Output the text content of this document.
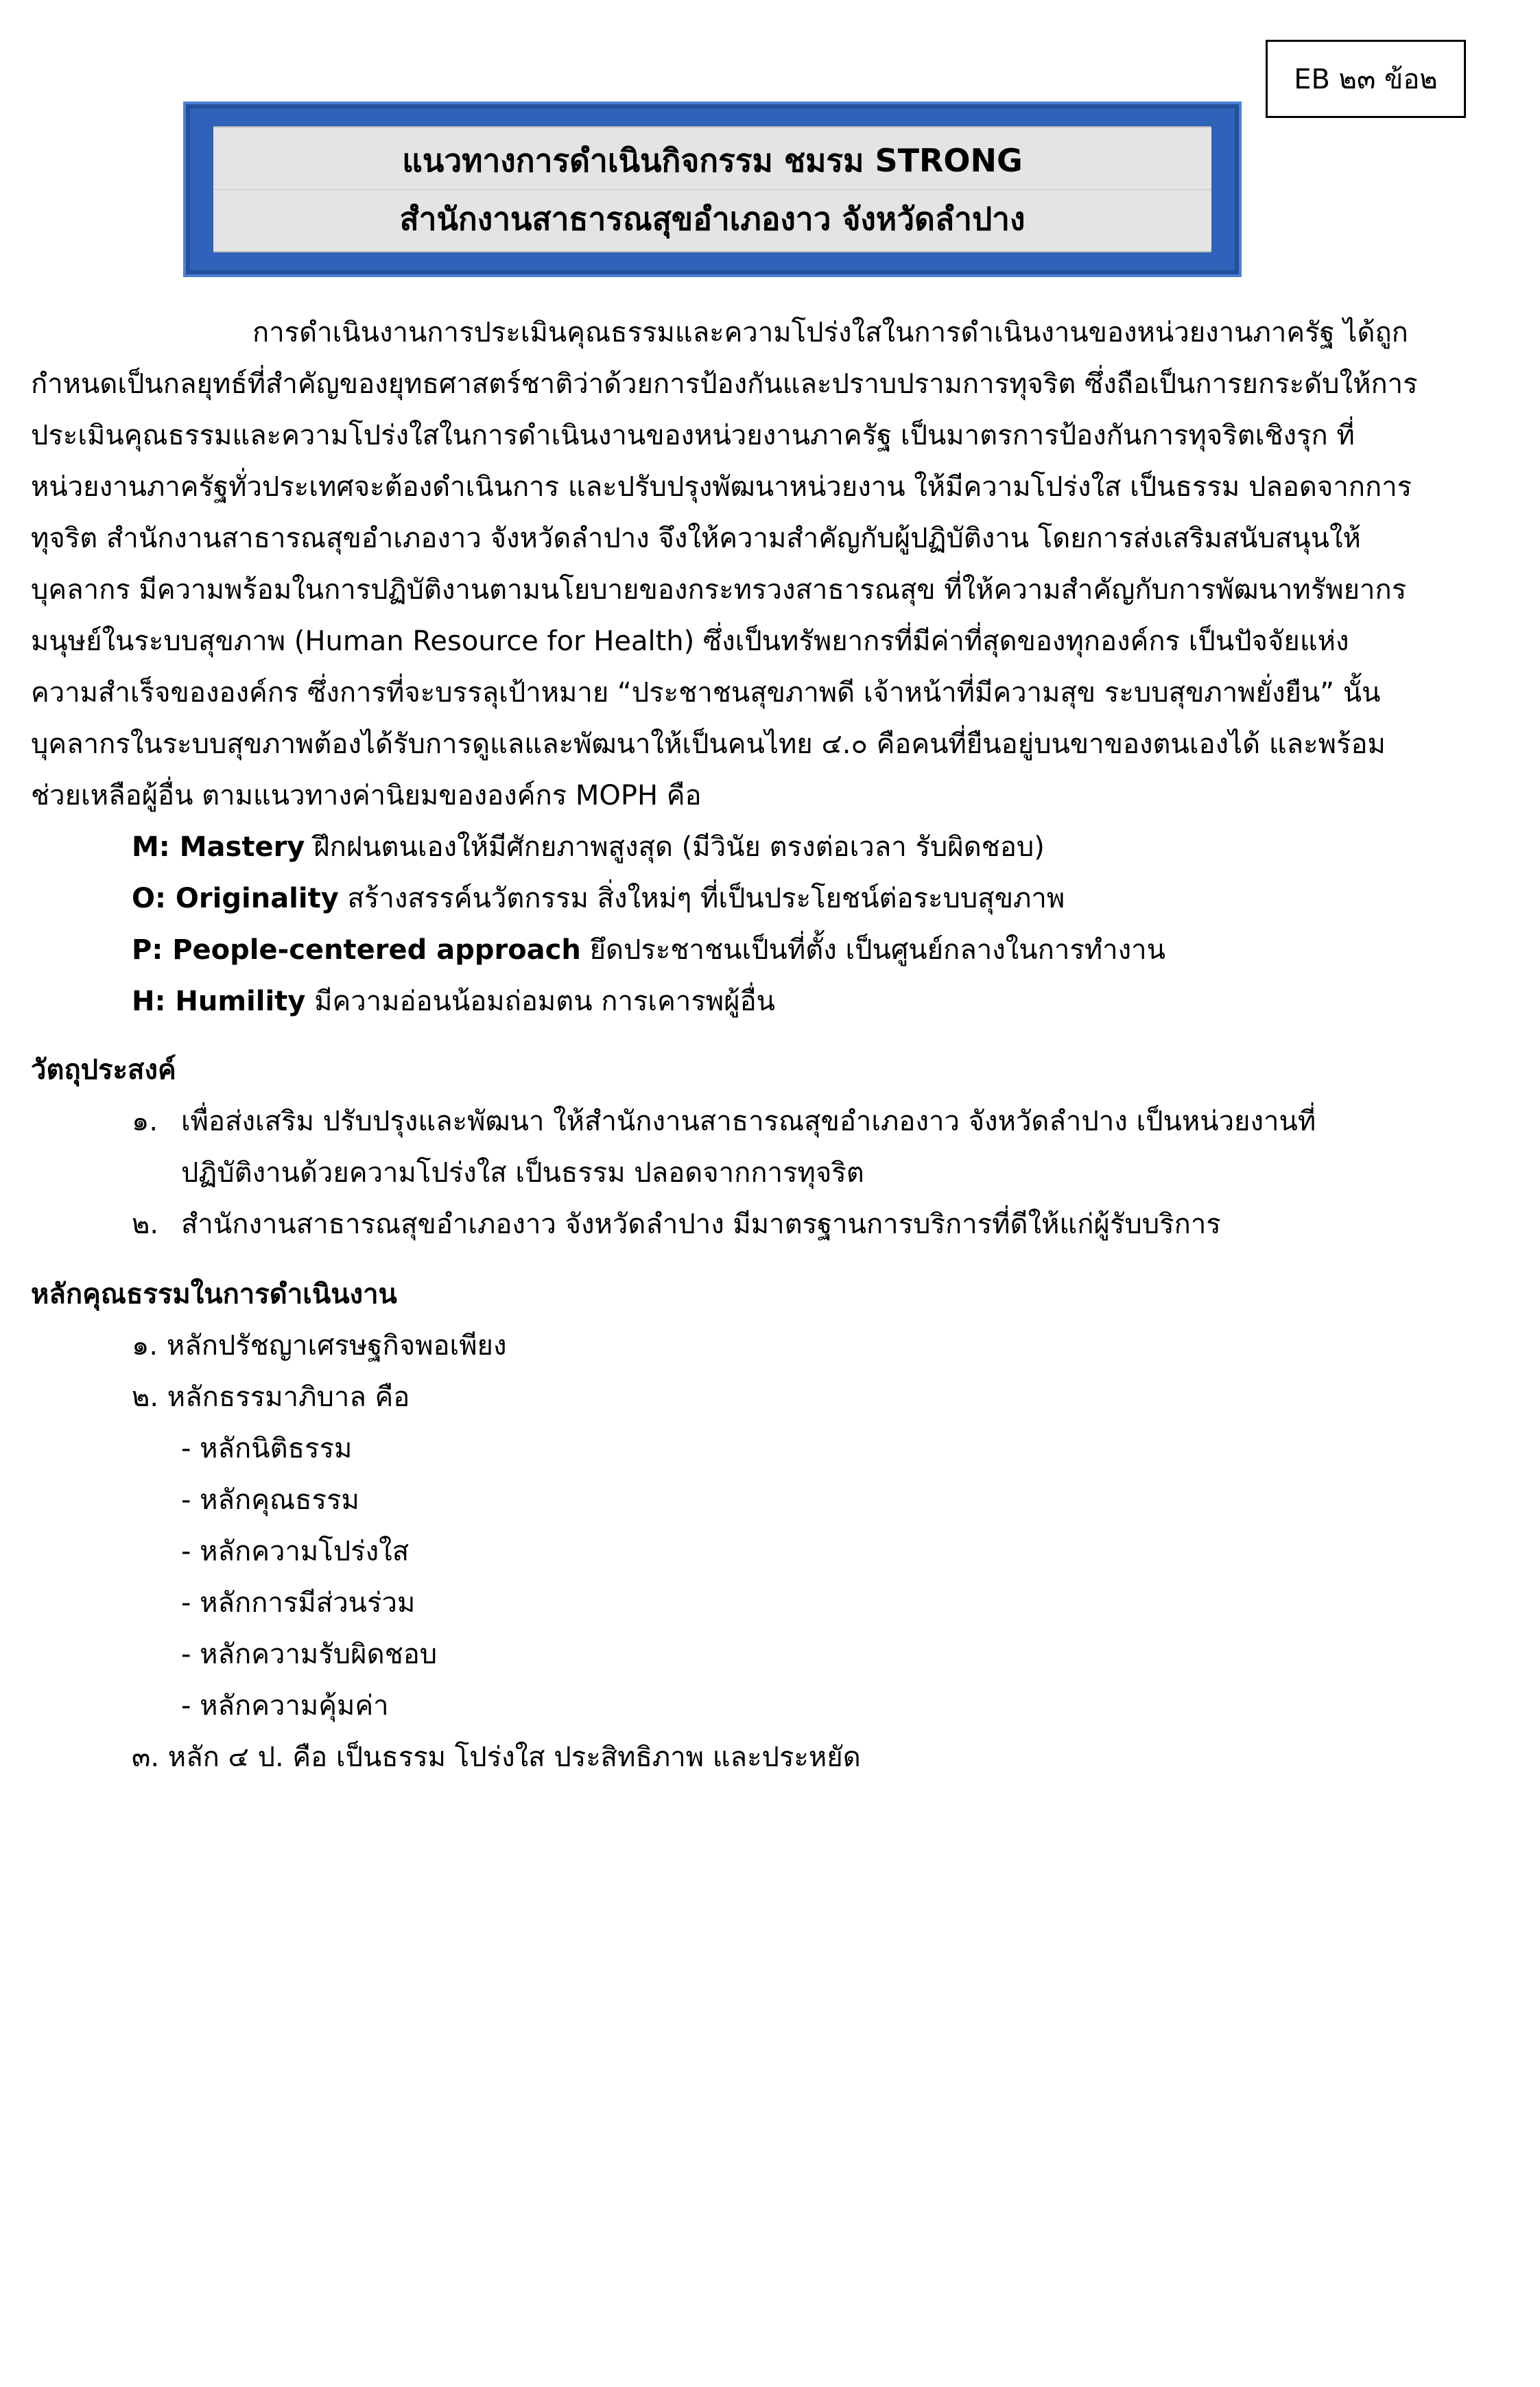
EB ๒๓ ข้อ๒
แนวทางการดำเนินกิจกรรม ชมรม STRONG
สำนักงานสาธารณสุขอำเภองาว จังหวัดลำปาง
การดำเนินงานการประเมินคุณธรรมและความโปร่งใสในการดำเนินงานของหน่วยงานภาครัฐ ได้ถูก
กำหนดเป็นกลยุทธ์ที่สำคัญของยุทธศาสตร์ชาติว่าด้วยการป้องกันและปราบปรามการทุจริต ซึ่งถือเป็นการยกระดับให้การ
ประเมินคุณธรรมและความโปร่งใสในการดำเนินงานของหน่วยงานภาครัฐ เป็นมาตรการป้องกันการทุจริตเชิงรุก ที่
หน่วยงานภาครัฐทั่วประเทศจะต้องดำเนินการ และปรับปรุงพัฒนาหน่วยงาน ให้มีความโปร่งใส เป็นธรรม ปลอดจากการ
ทุจริต สำนักงานสาธารณสุขอำเภองาว จังหวัดลำปาง จึงให้ความสำคัญกับผู้ปฏิบัติงาน โดยการส่งเสริมสนับสนุนให้
บุคลากร มีความพร้อมในการปฏิบัติงานตามนโยบายของกระทรวงสาธารณสุข ที่ให้ความสำคัญกับการพัฒนาทรัพยากร
มนุษย์ในระบบสุขภาพ (Human Resource for Health) ซึ่งเป็นทรัพยากรที่มีค่าที่สุดของทุกองค์กร เป็นปัจจัยแห่ง
ความสำเร็จขององค์กร ซึ่งการที่จะบรรลุเป้าหมาย “ประชาชนสุขภาพดี เจ้าหน้าที่มีความสุข ระบบสุขภาพยั่งยืน” นั้น
บุคลากรในระบบสุขภาพต้องได้รับการดูแลและพัฒนาให้เป็นคนไทย ๔.๐ คือคนที่ยืนอยู่บนขาของตนเองได้ และพร้อม
ช่วยเหลือผู้อื่น ตามแนวทางค่านิยมขององค์กร MOPH คือ
M: Mastery ฝึกฝนตนเองให้มีศักยภาพสูงสุด (มีวินัย ตรงต่อเวลา รับผิดชอบ)
O: Originality สร้างสรรค์นวัตกรรม สิ่งใหม่ๆ ที่เป็นประโยชน์ต่อระบบสุขภาพ
P: People-centered approach ยึดประชาชนเป็นที่ตั้ง เป็นศูนย์กลางในการทำงาน
H: Humility มีความอ่อนน้อมถ่อมตน การเคารพผู้อื่น
วัตถุประสงค์
๑. เพื่อส่งเสริม ปรับปรุงและพัฒนา ให้สำนักงานสาธารณสุขอำเภองาว จังหวัดลำปาง เป็นหน่วยงานที่
ปฏิบัติงานด้วยความโปร่งใส เป็นธรรม ปลอดจากการทุจริต
๒. สำนักงานสาธารณสุขอำเภองาว จังหวัดลำปาง มีมาตรฐานการบริการที่ดีให้แก่ผู้รับบริการ
หลักคุณธรรมในการดำเนินงาน
๑. หลักปรัชญาเศรษฐกิจพอเพียง
๒. หลักธรรมาภิบาล คือ
- หลักนิติธรรม
- หลักคุณธรรม
- หลักความโปร่งใส
- หลักการมีส่วนร่วม
- หลักความรับผิดชอบ
- หลักความคุ้มค่า
๓. หลัก ๔ ป. คือ เป็นธรรม โปร่งใส ประสิทธิภาพ และประหยัด
